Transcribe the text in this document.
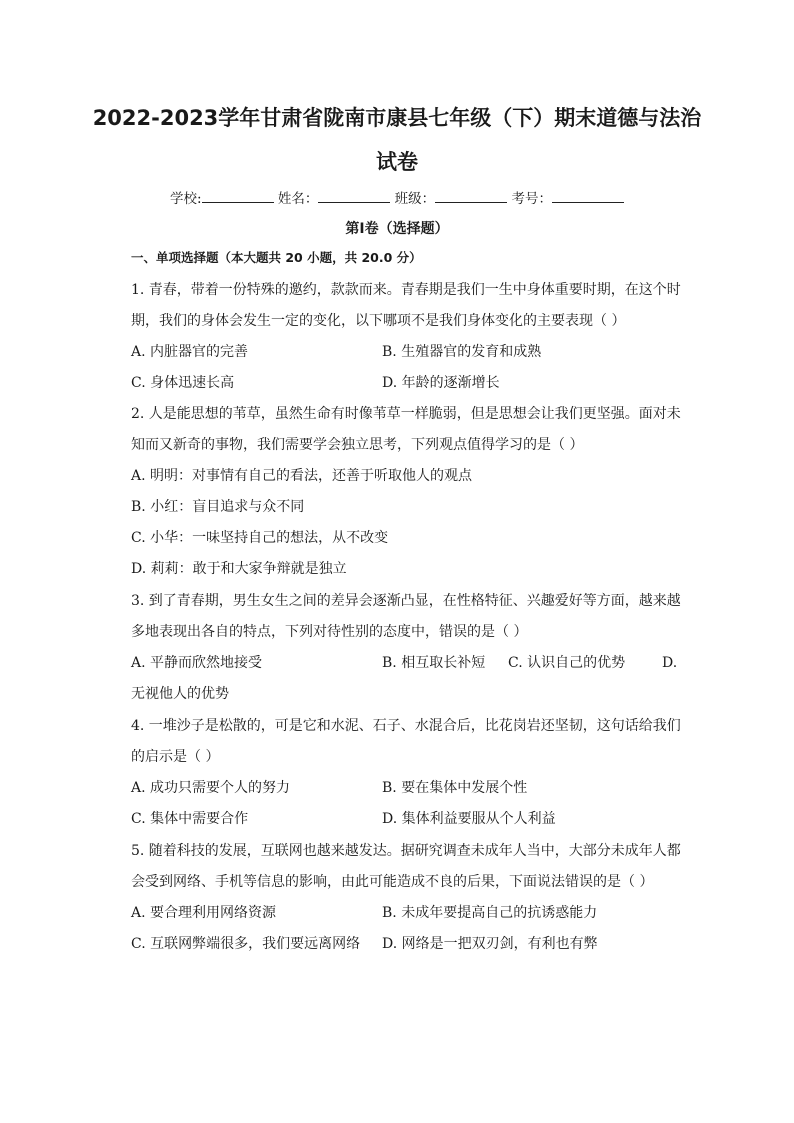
2022-2023学年甘肃省陇南市康县七年级（下）期末道德与法治
试卷
学校:	姓名：	班级：	考号：
第I卷（选择题）
一、单项选择题（本大题共 20 小题，共 20.0 分）
1. 青春，带着一份特殊的邀约，款款而来。青春期是我们一生中身体重要时期，在这个时
期，我们的身体会发生一定的变化，以下哪项不是我们身体变化的主要表现（ ）
A. 内脏器官的完善	B. 生殖器官的发育和成熟
C. 身体迅速长高	D. 年龄的逐渐增长
2. 人是能思想的苇草，虽然生命有时像苇草一样脆弱，但是思想会让我们更坚强。面对未
知而又新奇的事物，我们需要学会独立思考，下列观点值得学习的是（ ）
A. 明明：对事情有自己的看法，还善于听取他人的观点
B. 小红：盲目追求与众不同
C. 小华：一味坚持自己的想法，从不改变
D. 莉莉：敢于和大家争辩就是独立
3. 到了青春期，男生女生之间的差异会逐渐凸显，在性格特征、兴趣爱好等方面，越来越
多地表现出各自的特点，下列对待性别的态度中，错误的是（ ）
A. 平静而欣然地接受	B. 相互取长补短 C. 认识自己的优势	D.
无视他人的优势
4. 一堆沙子是松散的，可是它和水泥、石子、水混合后，比花岗岩还坚韧，这句话给我们
的启示是（ ）
A. 成功只需要个人的努力	B. 要在集体中发展个性
C. 集体中需要合作	D. 集体利益要服从个人利益
5. 随着科技的发展，互联网也越来越发达。据研究调查未成年人当中，大部分未成年人都
会受到网络、手机等信息的影响，由此可能造成不良的后果，下面说法错误的是（ ）
A. 要合理利用网络资源	B. 未成年要提高自己的抗诱惑能力
C. 互联网弊端很多，我们要远离网络 D. 网络是一把双刃剑，有利也有弊
